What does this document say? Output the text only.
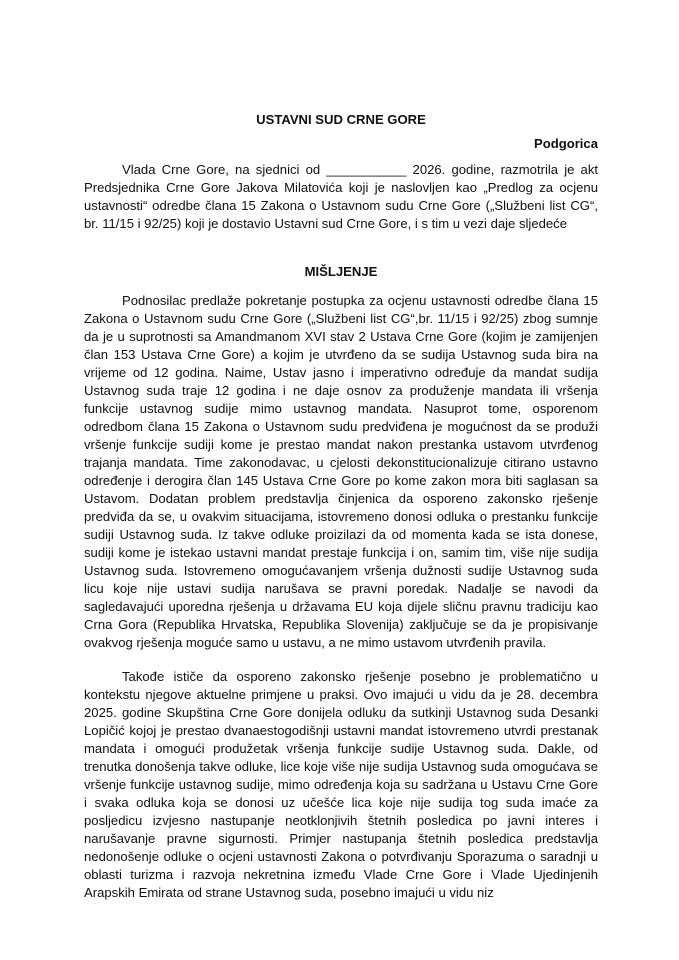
USTAVNI SUD CRNE GORE

Podgorica

Vlada Crne Gore, na sjednici od ___________ 2026. godine, razmotrila je akt Predsjednika Crne Gore Jakova Milatovića koji je naslovljen kao „Predlog za ocjenu ustavnosti“ odredbe člana 15 Zakona o Ustavnom sudu Crne Gore („Službeni list CG“, br. 11/15 i 92/25) koji je dostavio Ustavni sud Crne Gore, i s tim u vezi daje sljedeće

MIŠLJENJE

Podnosilac predlaže pokretanje postupka za ocjenu ustavnosti odredbe člana 15 Zakona o Ustavnom sudu Crne Gore („Službeni list CG“,br. 11/15 i 92/25) zbog sumnje da je u suprotnosti sa Amandmanom XVI stav 2 Ustava Crne Gore (kojim je zamijenjen član 153 Ustava Crne Gore) a kojim je utvrđeno da se sudija Ustavnog suda bira na vrijeme od 12 godina. Naime, Ustav jasno i imperativno određuje da mandat sudija Ustavnog suda traje 12 godina i ne daje osnov za produženje mandata ili vršenja funkcije ustavnog sudije mimo ustavnog mandata. Nasuprot tome, osporenom odredbom člana 15 Zakona o Ustavnom sudu predviđena je mogućnost da se produži vršenje funkcije sudiji kome je prestao mandat nakon prestanka ustavom utvrđenog trajanja mandata. Time zakonodavac, u cjelosti dekonstitucionalizuje citirano ustavno određenje i derogira član 145 Ustava Crne Gore po kome zakon mora biti saglasan sa Ustavom. Dodatan problem predstavlja činjenica da osporeno zakonsko rješenje predviđa da se, u ovakvim situacijama, istovremeno donosi odluka o prestanku funkcije sudiji Ustavnog suda. Iz takve odluke proizilazi da od momenta kada se ista donese, sudiji kome je istekao ustavni mandat prestaje funkcija i on, samim tim, više nije sudija Ustavnog suda. Istovremeno omogućavanjem vršenja dužnosti sudije Ustavnog suda licu koje nije ustavi sudija narušava se pravni poredak. Nadalje se navodi da sagledavajući uporedna rješenja u državama EU koja dijele sličnu pravnu tradiciju kao Crna Gora (Republika Hrvatska, Republika Slovenija) zaključuje se da je propisivanje ovakvog rješenja moguće samo u ustavu, a ne mimo ustavom utvrđenih pravila.

Takođe ističe da osporeno zakonsko rješenje posebno je problematično u kontekstu njegove aktuelne primjene u praksi. Ovo imajući u vidu da je 28. decembra 2025. godine Skupština Crne Gore donijela odluku da sutkinji Ustavnog suda Desanki Lopičić kojoj je prestao dvanaestogodišnji ustavni mandat istovremeno utvrdi prestanak mandata i omogući produžetak vršenja funkcije sudije Ustavnog suda. Dakle, od trenutka donošenja takve odluke, lice koje više nije sudija Ustavnog suda omogućava se vršenje funkcije ustavnog sudije, mimo određenja koja su sadržana u Ustavu Crne Gore i svaka odluka koja se donosi uz učešće lica koje nije sudija tog suda imaće za posljedicu izvjesno nastupanje neotklonjivih štetnih posledica po javni interes i narušavanje pravne sigurnosti. Primjer nastupanja štetnih posledica predstavlja nedonošenje odluke o ocjeni ustavnosti Zakona o potvrđivanju Sporazuma o saradnji u oblasti turizma i razvoja nekretnina između Vlade Crne Gore i Vlade Ujedinjenih Arapskih Emirata od strane Ustavnog suda, posebno imajući u vidu niz
